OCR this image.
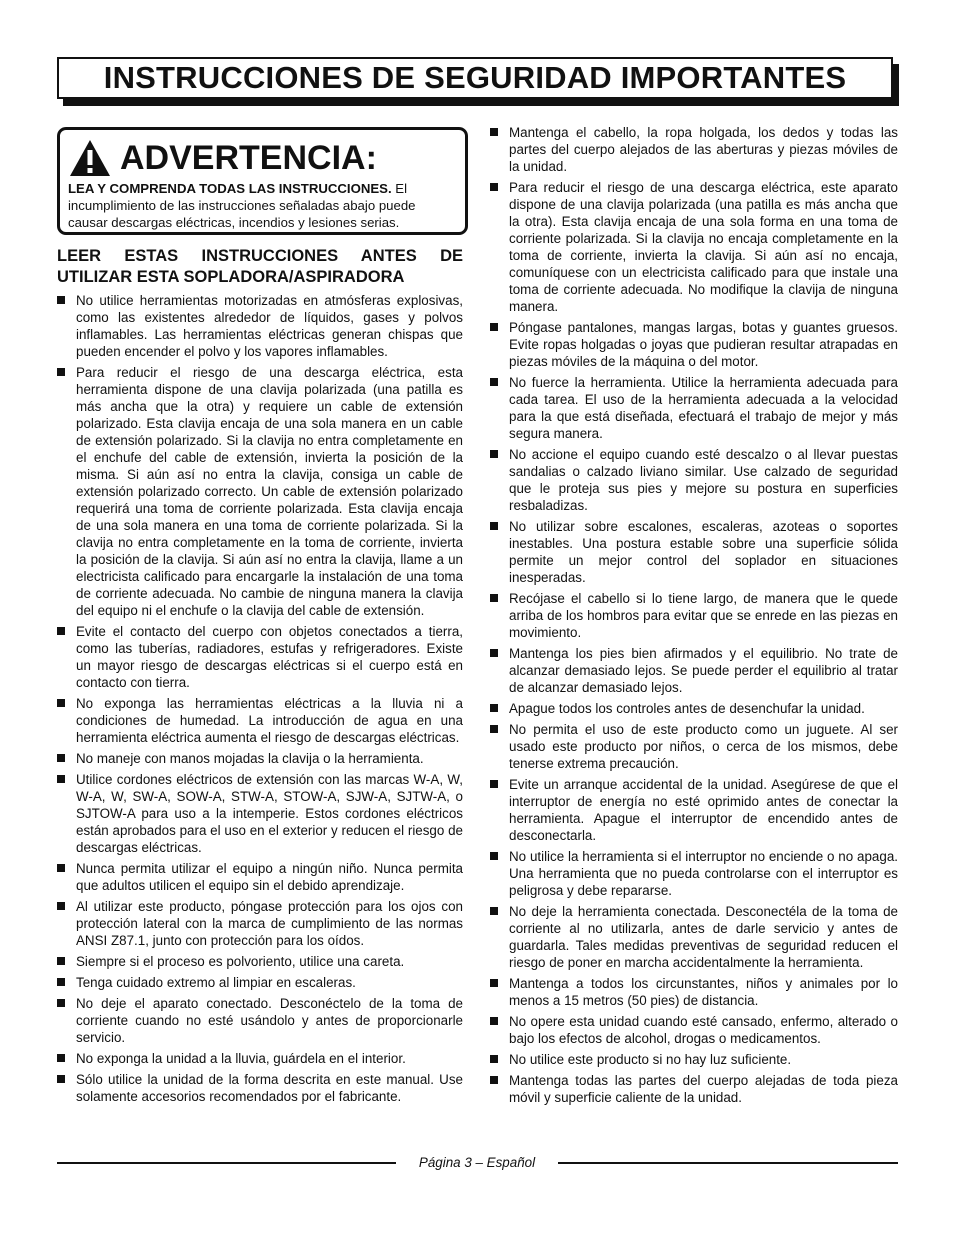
INSTRUCCIONES DE SEGURIDAD IMPORTANTES
ADVERTENCIA:
LEA Y COMPRENDA TODAS LAS INSTRUCCIONES. El incumplimiento de las instrucciones señaladas abajo puede causar descargas eléctricas, incendios y lesiones serias.
LEER ESTAS INSTRUCCIONES ANTES DE UTILIZAR ESTA SOPLADORA/ASPIRADORA
No utilice herramientas motorizadas en atmósferas explosivas, como las existentes alrededor de líquidos, gases y polvos inflamables. Las herramientas eléctricas generan chispas que pueden encender el polvo y los vapores inflamables.
Para reducir el riesgo de una descarga eléctrica, esta herramienta dispone de una clavija polarizada (una patilla es más ancha que la otra) y requiere un cable de extensión polarizado. Esta clavija encaja de una sola manera en un cable de extensión polarizado. Si la clavija no entra completamente en el enchufe del cable de extensión, invierta la posición de la misma. Si aún así no entra la clavija, consiga un cable de extensión polarizado correcto. Un cable de extensión polarizado requerirá una toma de corriente polarizada. Esta clavija encaja de una sola manera en una toma de corriente polarizada. Si la clavija no entra completamente en la toma de corriente, invierta la posición de la clavija. Si aún así no entra la clavija, llame a un electricista calificado para encargarle la instalación de una toma de corriente adecuada. No cambie de ninguna manera la clavija del equipo ni el enchufe o la clavija del cable de extensión.
Evite el contacto del cuerpo con objetos conectados a tierra, como las tuberías, radiadores, estufas y refrigeradores. Existe un mayor riesgo de descargas eléctricas si el cuerpo está en contacto con tierra.
No exponga las herramientas eléctricas a la lluvia ni a condiciones de humedad. La introducción de agua en una herramienta eléctrica aumenta el riesgo de descargas eléctricas.
No maneje con manos mojadas la clavija o la herramienta.
Utilice cordones eléctricos de extensión con las marcas W-A, W, W-A, W, SW-A, SOW-A, STW-A, STOW-A, SJW-A, SJTW-A, o SJTOW-A para uso a la intemperie. Estos cordones eléctricos están aprobados para el uso en el exterior y reducen el riesgo de descargas eléctricas.
Nunca permita utilizar el equipo a ningún niño. Nunca permita que adultos utilicen el equipo sin el debido aprendizaje.
Al utilizar este producto, póngase protección para los ojos con protección lateral con la marca de cumplimiento de las normas ANSI Z87.1, junto con protección para los oídos.
Siempre si el proceso es polvoriento, utilice una careta.
Tenga cuidado extremo al limpiar en escaleras.
No deje el aparato conectado. Desconéctelo de la toma de corriente cuando no esté usándolo y antes de proporcionarle servicio.
No exponga la unidad a la lluvia, guárdela en el interior.
Sólo utilice la unidad de la forma descrita en este manual. Use solamente accesorios recomendados por el fabricante.
Mantenga el cabello, la ropa holgada, los dedos y todas las partes del cuerpo alejados de las aberturas y piezas móviles de la unidad.
Para reducir el riesgo de una descarga eléctrica, este aparato dispone de una clavija polarizada (una patilla es más ancha que la otra). Esta clavija encaja de una sola forma en una toma de corriente polarizada. Si la clavija no encaja completamente en la toma de corriente, invierta la clavija. Si aún así no encaja, comuníquese con un electricista calificado para que instale una toma de corriente adecuada. No modifique la clavija de ninguna manera.
Póngase pantalones, mangas largas, botas y guantes gruesos. Evite ropas holgadas o joyas que pudieran resultar atrapadas en piezas móviles de la máquina o del motor.
No fuerce la herramienta. Utilice la herramienta adecuada para cada tarea. El uso de la herramienta adecuada a la velocidad para la que está diseñada, efectuará el trabajo de mejor y más segura manera.
No accione el equipo cuando esté descalzo o al llevar puestas sandalias o calzado liviano similar. Use calzado de seguridad que le proteja sus pies y mejore su postura en superficies resbaladizas.
No utilizar sobre escalones, escaleras, azoteas o soportes inestables. Una postura estable sobre una superficie sólida permite un mejor control del soplador en situaciones inesperadas.
Recójase el cabello si lo tiene largo, de manera que le quede arriba de los hombros para evitar que se enrede en las piezas en movimiento.
Mantenga los pies bien afirmados y el equilibrio. No trate de alcanzar demasiado lejos. Se puede perder el equilibrio al tratar de alcanzar demasiado lejos.
Apague todos los controles antes de desenchufar la unidad.
No permita el uso de este producto como un juguete. Al ser usado este producto por niños, o cerca de los mismos, debe tenerse extrema precaución.
Evite un arranque accidental de la unidad. Asegúrese de que el interruptor de energía no esté oprimido antes de conectar la herramienta. Apague el interruptor de encendido antes de desconectarla.
No utilice la herramienta si el interruptor no enciende o no apaga. Una herramienta que no pueda controlarse con el interruptor es peligrosa y debe repararse.
No deje la herramienta conectada. Desconectéla de la toma de corriente al no utilizarla, antes de darle servicio y antes de guardarla. Tales medidas preventivas de seguridad reducen el riesgo de poner en marcha accidentalmente la herramienta.
Mantenga a todos los circunstantes, niños y animales por lo menos a 15 metros (50 pies) de distancia.
No opere esta unidad cuando esté cansado, enfermo, alterado o bajo los efectos de alcohol, drogas o medicamentos.
No utilice este producto si no hay luz suficiente.
Mantenga todas las partes del cuerpo alejadas de toda pieza móvil y superficie caliente de la unidad.
Página 3 – Español
